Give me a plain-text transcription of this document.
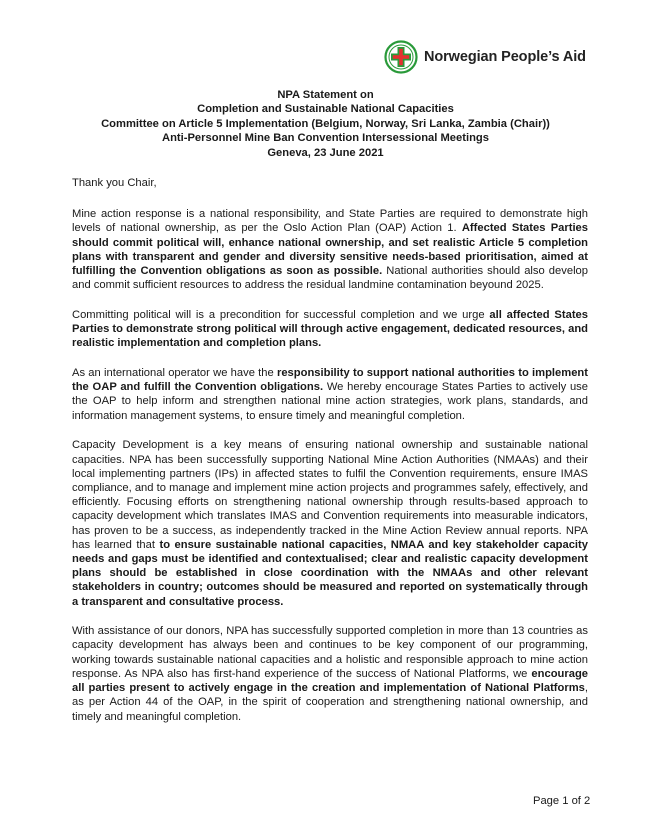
Norwegian People’s Aid
NPA Statement on
Completion and Sustainable National Capacities
Committee on Article 5 Implementation (Belgium, Norway, Sri Lanka, Zambia (Chair))
Anti-Personnel Mine Ban Convention Intersessional Meetings
Geneva, 23 June 2021

Thank you Chair,

Mine action response is a national responsibility, and State Parties are required to demonstrate high levels of national ownership, as per the Oslo Action Plan (OAP) Action 1. Affected States Parties should commit political will, enhance national ownership, and set realistic Article 5 completion plans with transparent and gender and diversity sensitive needs-based prioritisation, aimed at fulfilling the Convention obligations as soon as possible. National authorities should also develop and commit sufficient resources to address the residual landmine contamination beyound 2025.

Committing political will is a precondition for successful completion and we urge all affected States Parties to demonstrate strong political will through active engagement, dedicated resources, and realistic implementation and completion plans.

As an international operator we have the responsibility to support national authorities to implement the OAP and fulfill the Convention obligations. We hereby encourage States Parties to actively use the OAP to help inform and strengthen national mine action strategies, work plans, standards, and information management systems, to ensure timely and meaningful completion.

Capacity Development is a key means of ensuring national ownership and sustainable national capacities. NPA has been successfully supporting National Mine Action Authorities (NMAAs) and their local implementing partners (IPs) in affected states to fulfil the Convention requirements, ensure IMAS compliance, and to manage and implement mine action projects and programmes safely, effectively, and efficiently. Focusing efforts on strengthening national ownership through results-based approach to capacity development which translates IMAS and Convention requirements into measurable indicators, has proven to be a success, as independently tracked in the Mine Action Review annual reports. NPA has learned that to ensure sustainable national capacities, NMAA and key stakeholder capacity needs and gaps must be identified and contextualised; clear and realistic capacity development plans should be established in close coordination with the NMAAs and other relevant stakeholders in country; outcomes should be measured and reported on systematically through a transparent and consultative process.

With assistance of our donors, NPA has successfully supported completion in more than 13 countries as capacity development has always been and continues to be key component of our programming, working towards sustainable national capacities and a holistic and responsible approach to mine action response. As NPA also has first-hand experience of the success of National Platforms, we encourage all parties present to actively engage in the creation and implementation of National Platforms, as per Action 44 of the OAP, in the spirit of cooperation and strengthening national ownership, and timely and meaningful completion.

Page 1 of 2
